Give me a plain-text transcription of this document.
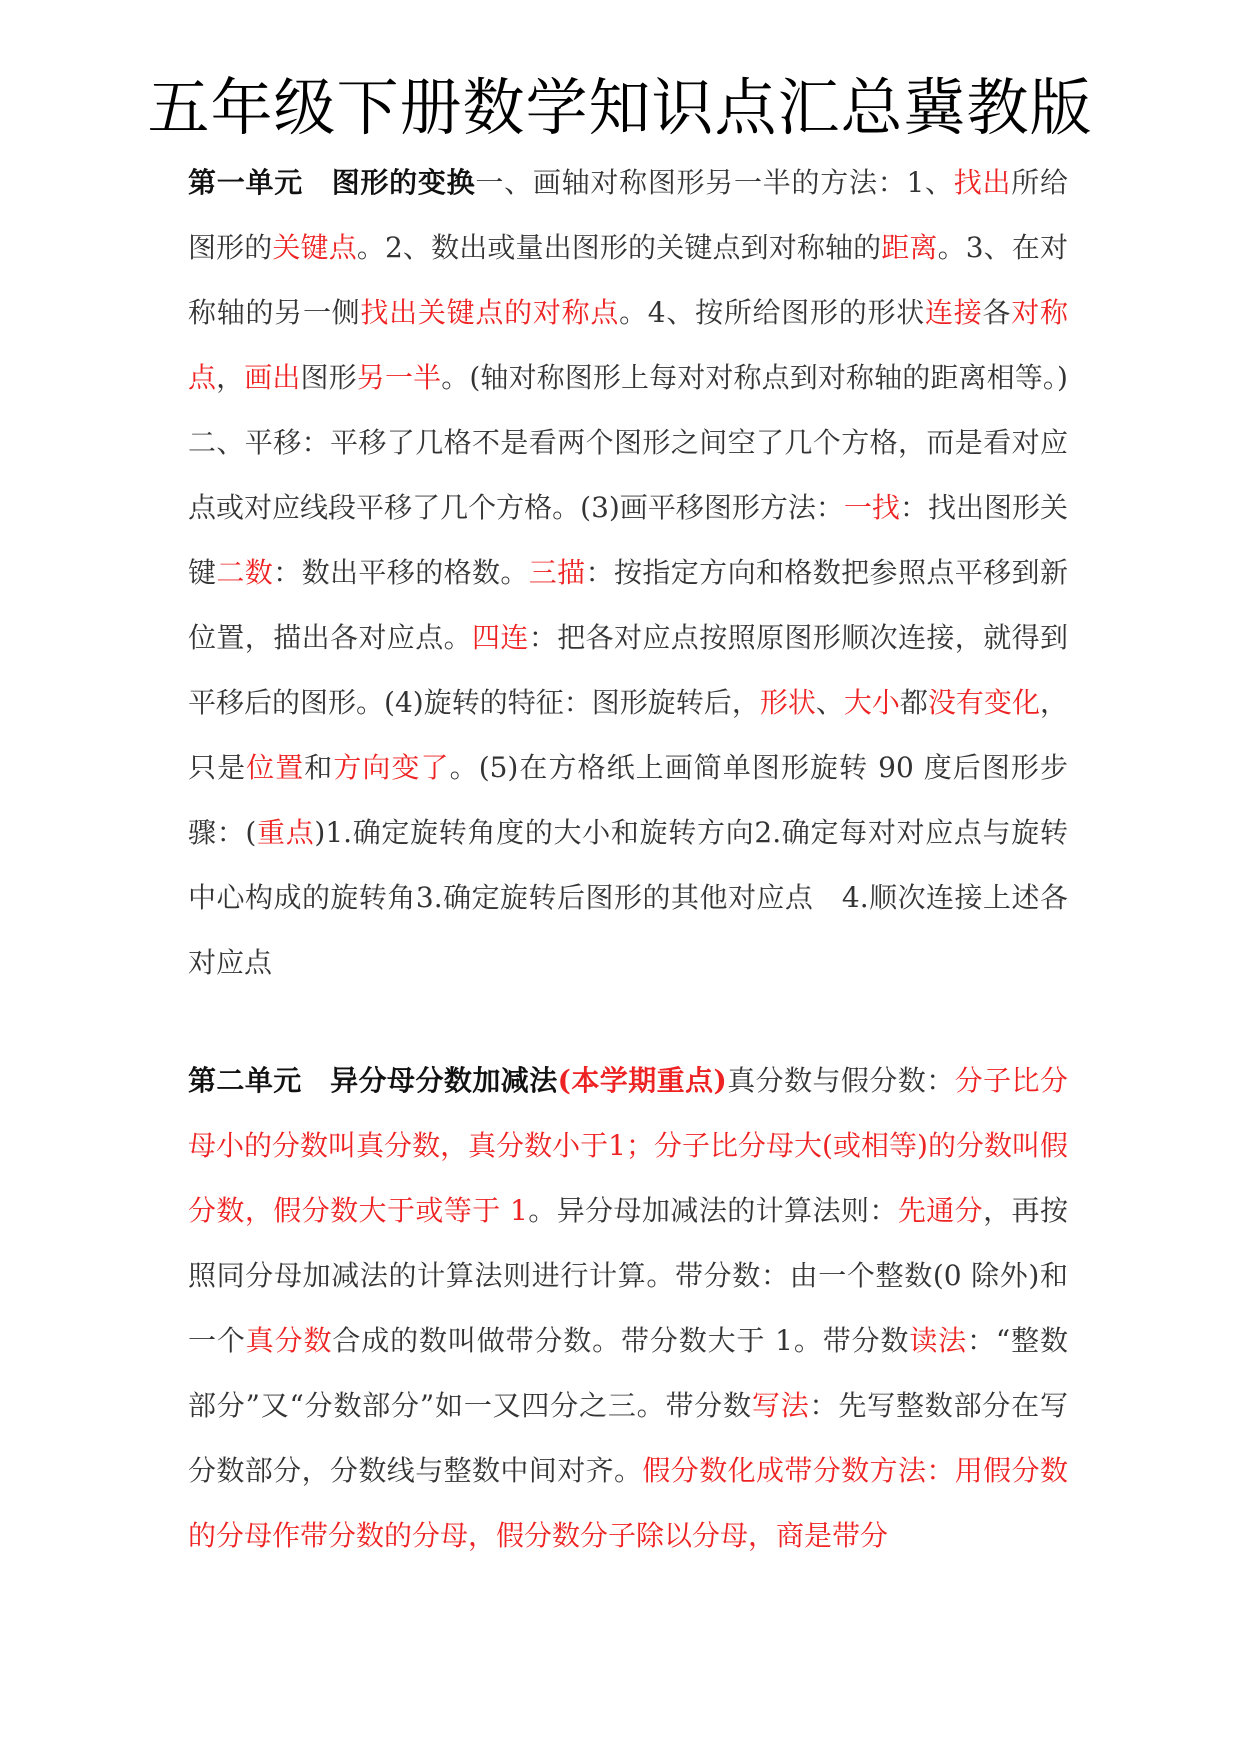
五年级下册数学知识点汇总冀教版

第一单元　图形的变换一、画轴对称图形另一半的方法：1、找出所给图形的关键点。2、数出或量出图形的关键点到对称轴的距离。3、在对称轴的另一侧找出关键点的对称点。4、按所给图形的形状连接各对称点，画出图形另一半。(轴对称图形上每对对称点到对称轴的距离相等。)二、平移：平移了几格不是看两个图形之间空了几个方格，而是看对应点或对应线段平移了几个方格。(3)画平移图形方法：一找：找出图形关键二数：数出平移的格数。三描：按指定方向和格数把参照点平移到新位置，描出各对应点。四连：把各对应点按照原图形顺次连接，就得到平移后的图形。(4)旋转的特征：图形旋转后，形状、大小都没有变化，只是位置和方向变了。(5)在方格纸上画简单图形旋转 90 度后图形步骤：(重点)1.确定旋转角度的大小和旋转方向2.确定每对对应点与旋转中心构成的旋转角3.确定旋转后图形的其他对应点　4.顺次连接上述各对应点

第二单元　异分母分数加减法(本学期重点)真分数与假分数：分子比分母小的分数叫真分数，真分数小于1；分子比分母大(或相等)的分数叫假分数，假分数大于或等于 1。异分母加减法的计算法则：先通分，再按照同分母加减法的计算法则进行计算。带分数：由一个整数(0 除外)和一个真分数合成的数叫做带分数。带分数大于 1。带分数读法：“整数部分”又“分数部分”如一又四分之三。带分数写法：先写整数部分在写分数部分，分数线与整数中间对齐。假分数化成带分数方法：用假分数的分母作带分数的分母，假分数分子除以分母，商是带分
